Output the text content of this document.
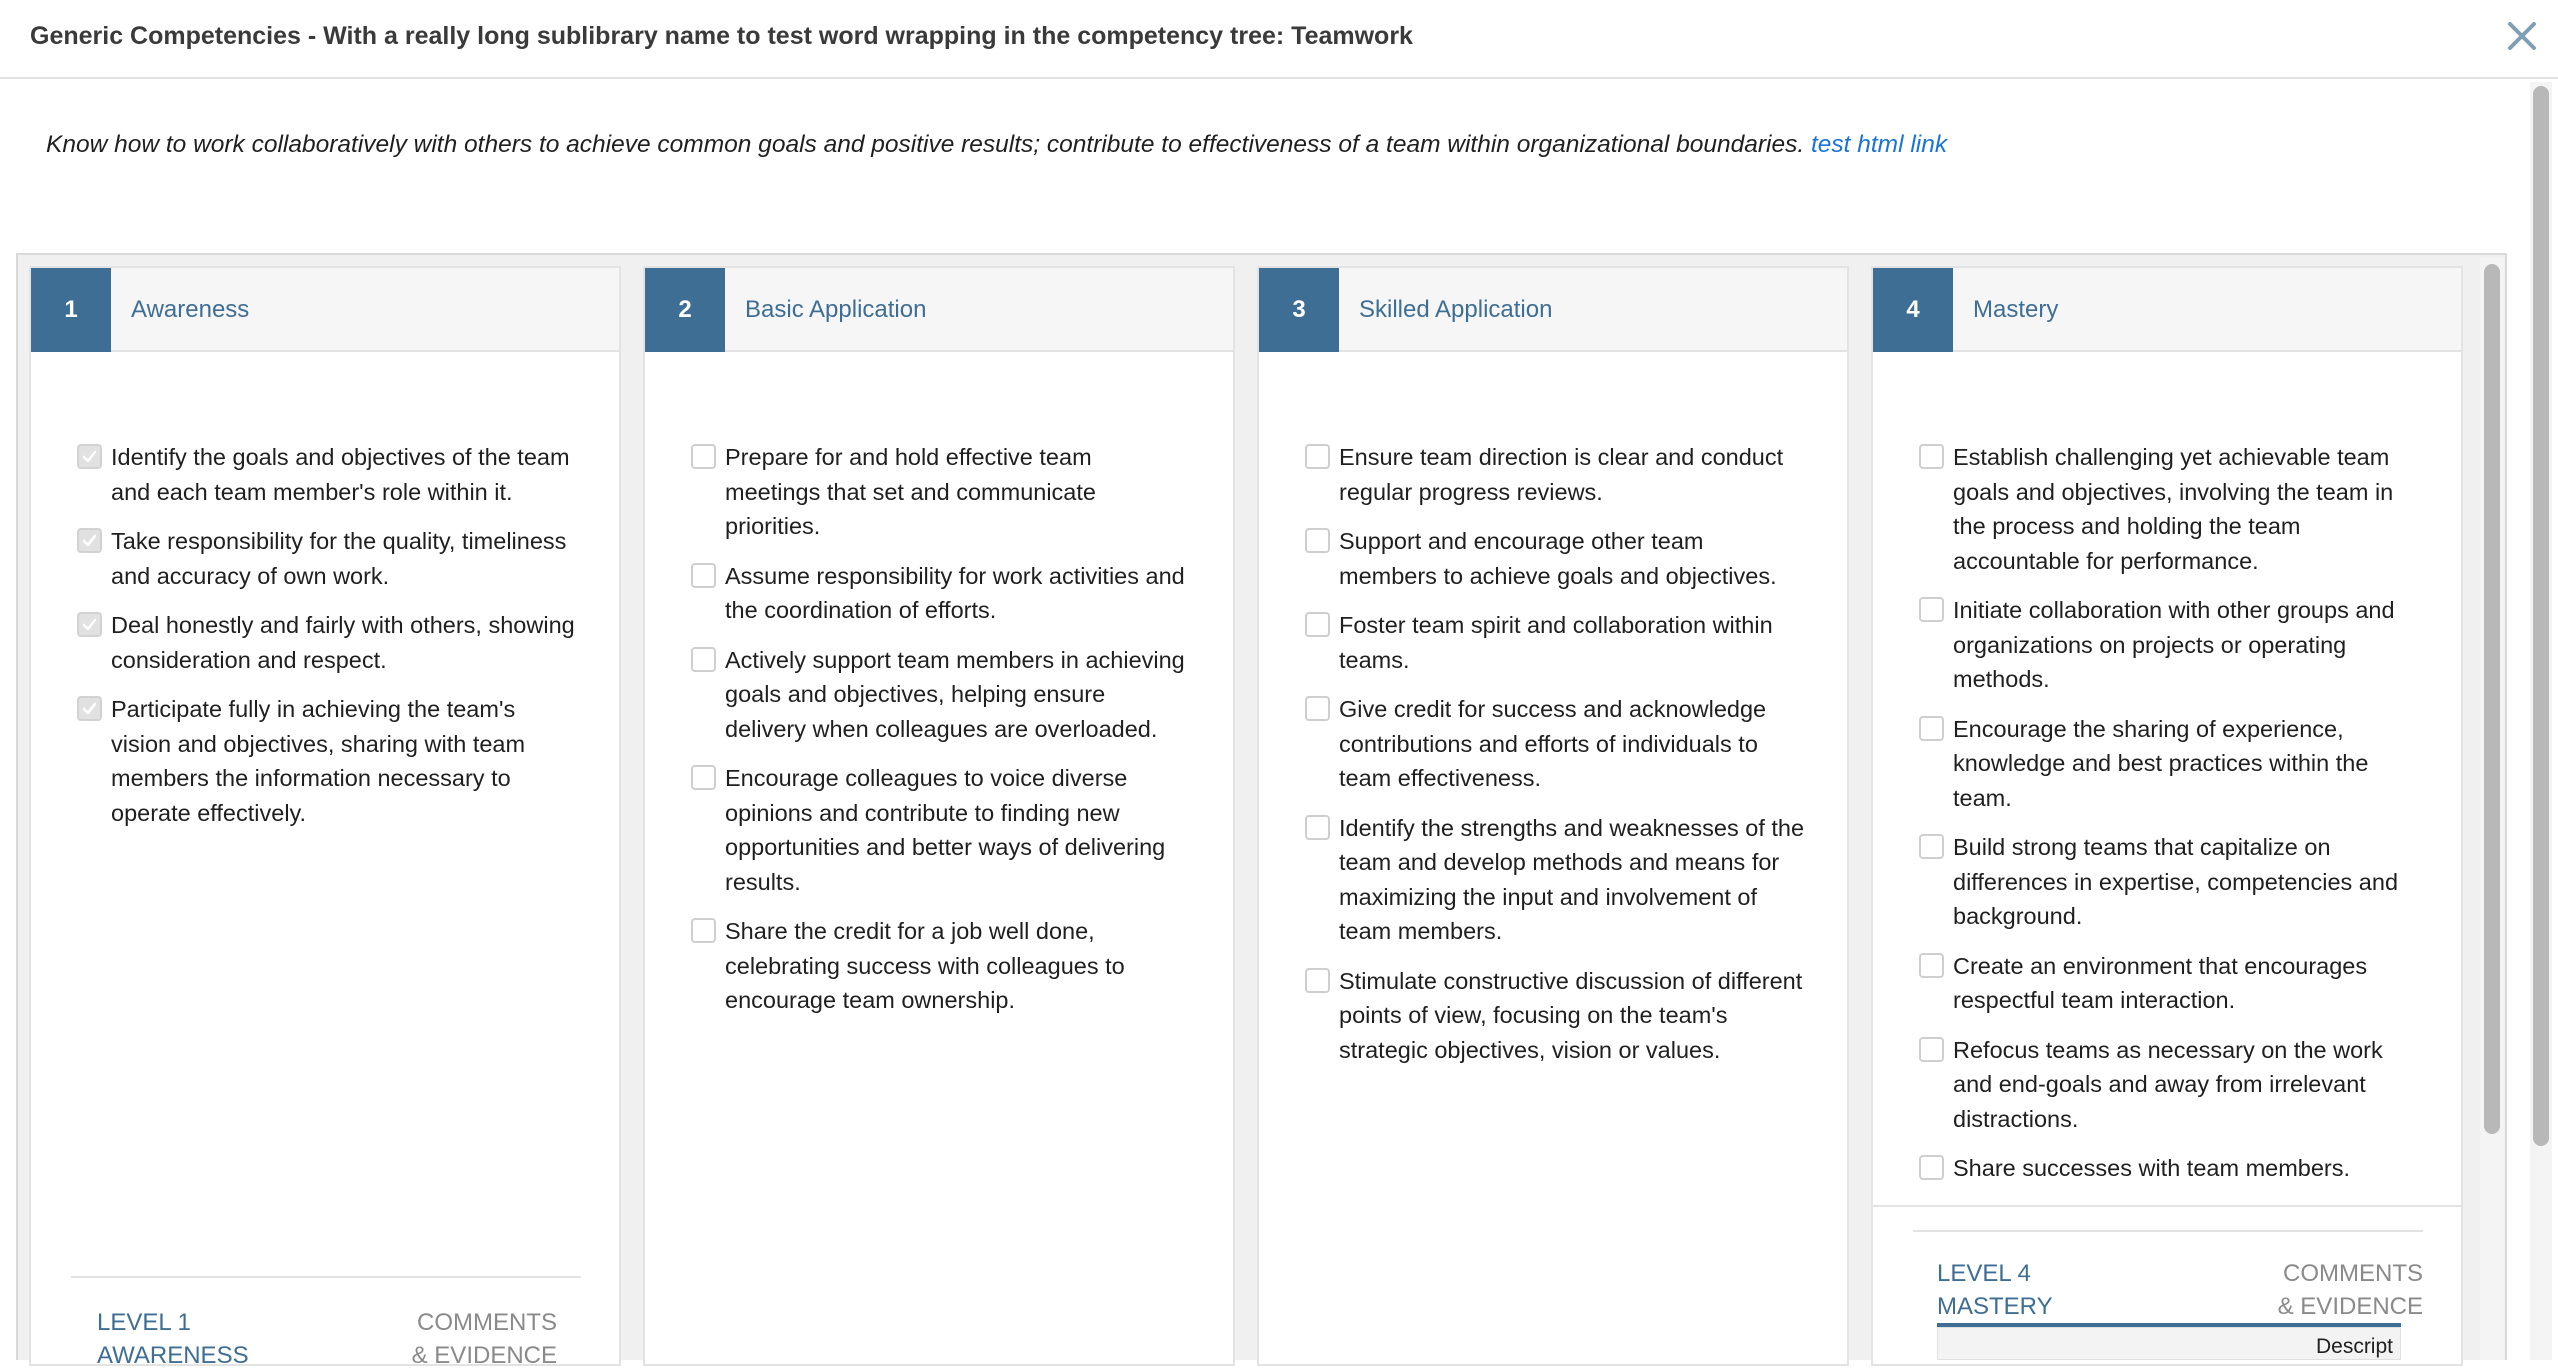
Generic Competencies - With a really long sublibrary name to test word wrapping in the competency tree: Teamwork
Know how to work collaboratively with others to achieve common goals and positive results; contribute to effectiveness of a team within organizational boundaries. test html link
1	Awareness
Identify the goals and objectives of the team and each team member's role within it.
Take responsibility for the quality, timeliness and accuracy of own work.
Deal honestly and fairly with others, showing consideration and respect.
Participate fully in achieving the team's vision and objectives, sharing with team members the information necessary to operate effectively.
LEVEL 1
AWARENESS
COMMENTS
& EVIDENCE
2	Basic Application
Prepare for and hold effective team meetings that set and communicate priorities.
Assume responsibility for work activities and the coordination of efforts.
Actively support team members in achieving goals and objectives, helping ensure delivery when colleagues are overloaded.
Encourage colleagues to voice diverse opinions and contribute to finding new opportunities and better ways of delivering results.
Share the credit for a job well done, celebrating success with colleagues to encourage team ownership.
3	Skilled Application
Ensure team direction is clear and conduct regular progress reviews.
Support and encourage other team members to achieve goals and objectives.
Foster team spirit and collaboration within teams.
Give credit for success and acknowledge contributions and efforts of individuals to team effectiveness.
Identify the strengths and weaknesses of the team and develop methods and means for maximizing the input and involvement of team members.
Stimulate constructive discussion of different points of view, focusing on the team's strategic objectives, vision or values.
4	Mastery
Establish challenging yet achievable team goals and objectives, involving the team in the process and holding the team accountable for performance.
Initiate collaboration with other groups and organizations on projects or operating methods.
Encourage the sharing of experience, knowledge and best practices within the team.
Build strong teams that capitalize on differences in expertise, competencies and background.
Create an environment that encourages respectful team interaction.
Refocus teams as necessary on the work and end-goals and away from irrelevant distractions.
Share successes with team members.
LEVEL 4
MASTERY
COMMENTS
& EVIDENCE
Descript
